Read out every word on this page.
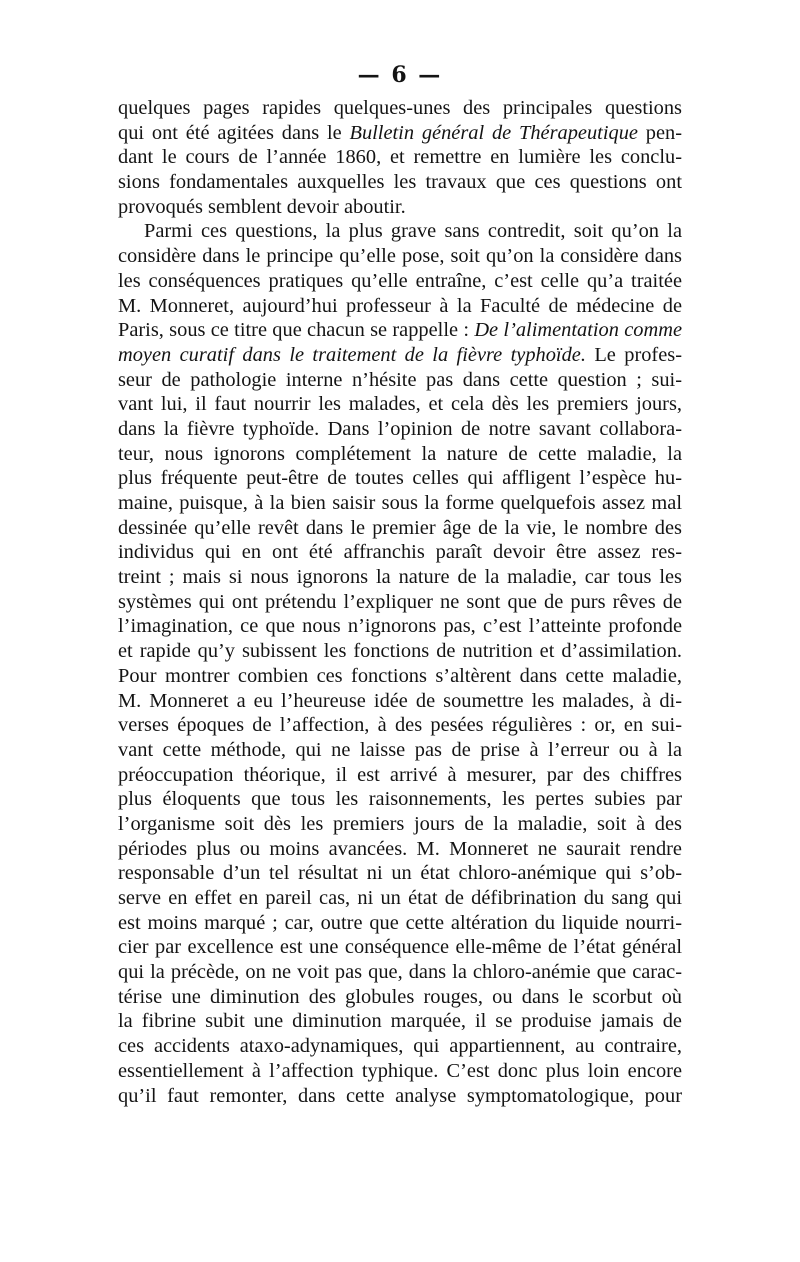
— 6 —
quelques pages rapides quelques-unes des principales questions
qui ont été agitées dans le Bulletin général de Thérapeutique pen-
dant le cours de l’année 1860, et remettre en lumière les conclu-
sions fondamentales auxquelles les travaux que ces questions ont
provoqués semblent devoir aboutir.
Parmi ces questions, la plus grave sans contredit, soit qu’on la
considère dans le principe qu’elle pose, soit qu’on la considère dans
les conséquences pratiques qu’elle entraîne, c’est celle qu’a traitée
M. Monneret, aujourd’hui professeur à la Faculté de médecine de
Paris, sous ce titre que chacun se rappelle : De l’alimentation comme
moyen curatif dans le traitement de la fièvre typhoïde. Le profes-
seur de pathologie interne n’hésite pas dans cette question ; sui-
vant lui, il faut nourrir les malades, et cela dès les premiers jours,
dans la fièvre typhoïde. Dans l’opinion de notre savant collabora-
teur, nous ignorons complétement la nature de cette maladie, la
plus fréquente peut-être de toutes celles qui affligent l’espèce hu-
maine, puisque, à la bien saisir sous la forme quelquefois assez mal
dessinée qu’elle revêt dans le premier âge de la vie, le nombre des
individus qui en ont été affranchis paraît devoir être assez res-
treint ; mais si nous ignorons la nature de la maladie, car tous les
systèmes qui ont prétendu l’expliquer ne sont que de purs rêves de
l’imagination, ce que nous n’ignorons pas, c’est l’atteinte profonde
et rapide qu’y subissent les fonctions de nutrition et d’assimilation.
Pour montrer combien ces fonctions s’altèrent dans cette maladie,
M. Monneret a eu l’heureuse idée de soumettre les malades, à di-
verses époques de l’affection, à des pesées régulières : or, en sui-
vant cette méthode, qui ne laisse pas de prise à l’erreur ou à la
préoccupation théorique, il est arrivé à mesurer, par des chiffres
plus éloquents que tous les raisonnements, les pertes subies par
l’organisme soit dès les premiers jours de la maladie, soit à des
périodes plus ou moins avancées. M. Monneret ne saurait rendre
responsable d’un tel résultat ni un état chloro-anémique qui s’ob-
serve en effet en pareil cas, ni un état de défibrination du sang qui
est moins marqué ; car, outre que cette altération du liquide nourri-
cier par excellence est une conséquence elle-même de l’état général
qui la précède, on ne voit pas que, dans la chloro-anémie que carac-
térise une diminution des globules rouges, ou dans le scorbut où
la fibrine subit une diminution marquée, il se produise jamais de
ces accidents ataxo-adynamiques, qui appartiennent, au contraire,
essentiellement à l’affection typhique. C’est donc plus loin encore
qu’il faut remonter, dans cette analyse symptomatologique, pour
